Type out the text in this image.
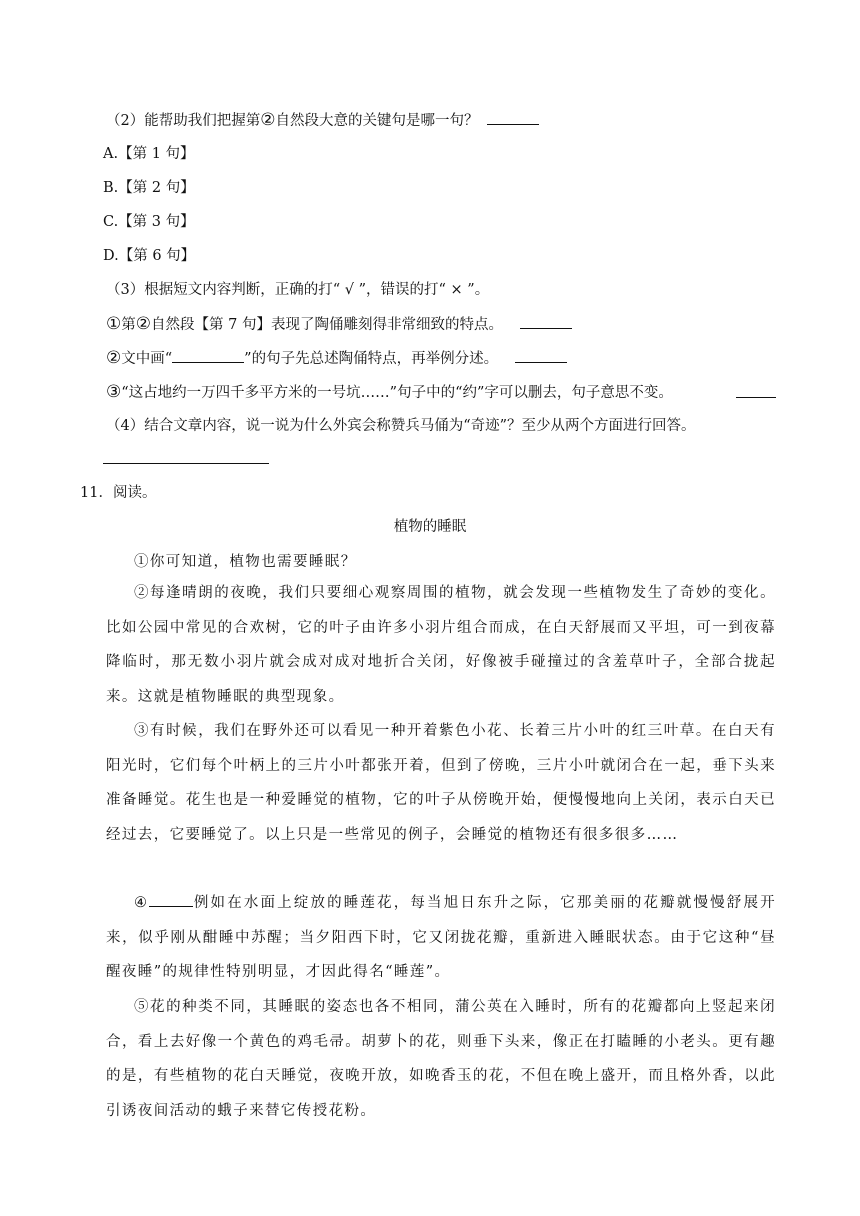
（2）能帮助我们把握第②自然段大意的关键句是哪一句？
A.【第 1 句】
B.【第 2 句】
C.【第 3 句】
D.【第 6 句】
（3）根据短文内容判断，正确的打“ √ ”，错误的打“ × ”。
①第②自然段【第 7 句】表现了陶俑雕刻得非常细致的特点。
②文中画“	”的句子先总述陶俑特点，再举例分述。
③“这占地约一万四千多平方米的一号坑……”句子中的“约”字可以删去，句子意思不变。
（4）结合文章内容，说一说为什么外宾会称赞兵马俑为“奇迹”？至少从两个方面进行回答。
11．阅读。
植物的睡眠

①你可知道，植物也需要睡眠？

②每逢晴朗的夜晚，我们只要细心观察周围的植物，就会发现一些植物发生了奇妙的变化。比如公园中常见的合欢树，它的叶子由许多小羽片组合而成，在白天舒展而又平坦，可一到夜幕降临时，那无数小羽片就会成对成对地折合关闭，好像被手碰撞过的含羞草叶子，全部合拢起来。这就是植物睡眠的典型现象。

③有时候，我们在野外还可以看见一种开着紫色小花、长着三片小叶的红三叶草。在白天有阳光时，它们每个叶柄上的三片小叶都张开着，但到了傍晚，三片小叶就闭合在一起，垂下头来准备睡觉。花生也是一种爱睡觉的植物，它的叶子从傍晚开始，便慢慢地向上关闭，表示白天已经过去，它要睡觉了。以上只是一些常见的例子，会睡觉的植物还有很多很多……

④	例如在水面上绽放的睡莲花，每当旭日东升之际，它那美丽的花瓣就慢慢舒展开来，似乎刚从酣睡中苏醒；当夕阳西下时，它又闭拢花瓣，重新进入睡眠状态。由于它这种“昼醒夜睡”的规律性特别明显，才因此得名“睡莲”。

⑤花的种类不同，其睡眠的姿态也各不相同，蒲公英在入睡时，所有的花瓣都向上竖起来闭合，看上去好像一个黄色的鸡毛帚。胡萝卜的花，则垂下头来，像正在打瞌睡的小老头。更有趣的是，有些植物的花白天睡觉，夜晚开放，如晚香玉的花，不但在晚上盛开，而且格外香，以此引诱夜间活动的蛾子来替它传授花粉。
